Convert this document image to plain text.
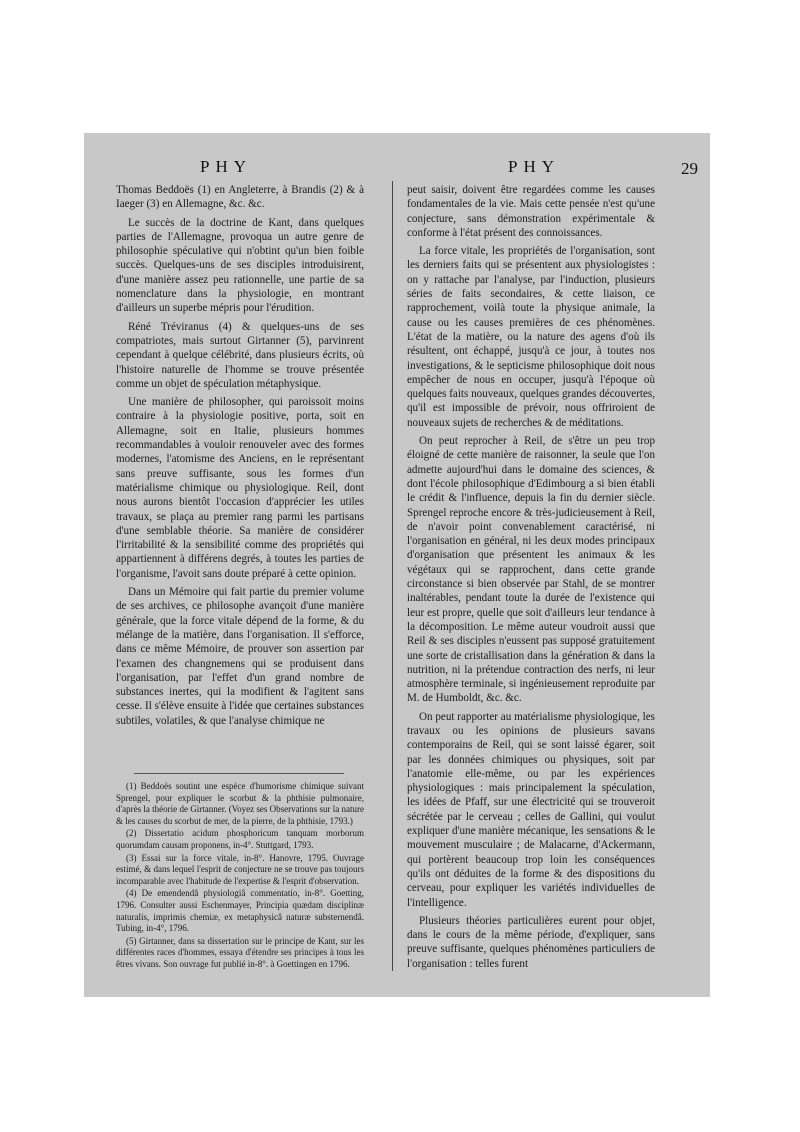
PHY	PHY	29

Thomas Beddoës (1) en Angleterre, à Brandis (2) & à Iaeger (3) en Allemagne, &c. &c.

Le succès de la doctrine de Kant, dans quelques parties de l'Allemagne, provoqua un autre genre de philosophie spéculative qui n'obtint qu'un bien foible succès. Quelques-uns de ses disciples introduisirent, d'une manière assez peu rationnelle, une partie de sa nomenclature dans la physiologie, en montrant d'ailleurs un superbe mépris pour l'érudition.

Réné Tréviranus (4) & quelques-uns de ses compatriotes, mais surtout Girtanner (5), parvinrent cependant à quelque célébrité, dans plusieurs écrits, où l'histoire naturelle de l'homme se trouve présentée comme un objet de spéculation métaphysique.

Une manière de philosopher, qui paroissoit moins contraire à la physiologie positive, porta, soit en Allemagne, soit en Italie, plusieurs hommes recommandables à vouloir renouveler avec des formes modernes, l'atomisme des Anciens, en le représentant sans preuve suffisante, sous les formes d'un matérialisme chimique ou physiologique. Reil, dont nous aurons bientôt l'occasion d'apprécier les utiles travaux, se plaça au premier rang parmi les partisans d'une semblable théorie. Sa manière de considérer l'irritabilité & la sensibilité comme des propriétés qui appartiennent à différens degrés, à toutes les parties de l'organisme, l'avoit sans doute préparé à cette opinion.

Dans un Mémoire qui fait partie du premier volume de ses archives, ce philosophe avançoit d'une manière générale, que la force vitale dépend de la forme, & du mélange de la matière, dans l'organisation. Il s'efforce, dans ce même Mémoire, de prouver son assertion par l'examen des changnemens qui se produisent dans l'organisation, par l'effet d'un grand nombre de substances inertes, qui la modifient & l'agitent sans cesse. Il s'élève ensuite à l'idée que certaines substances subtiles, volatiles, & que l'analyse chimique ne

(1) Beddoës soutint une espèce d'humorisme chimique suivant Sprengel, pour expliquer le scorbut & la phthisie pulmonaire, d'après la théorie de Girtanner. (Voyez ses Observations sur la nature & les causes du scorbut de mer, de la pierre, de la phthisie, 1793.)

(2) Dissertatio acidum phosphoricum tanquam morborum quorumdam causam proponens, in-4°. Stuttgard, 1793.

(3) Essai sur la force vitale, in-8°. Hanovre, 1795. Ouvrage estimé, & dans lequel l'esprit de conjecture ne se trouve pas toujours incomparable avec l'habitude de l'expertise & l'esprit d'observation.

(4) De emendendâ physiologiâ commentatio, in-8°. Goetting, 1796. Consulter aussi Eschenmayer, Principia quædam disciplinæ naturalis, imprimis chemiæ, ex metaphysicâ naturæ substernendâ. Tubing, in-4°, 1796.

(5) Girtanner, dans sa dissertation sur le principe de Kant, sur les différentes races d'hommes, essaya d'étendre ses principes à tous les êtres vivans. Son ouvrage fut publié in-8°. à Goettingen en 1796.

peut saisir, doivent être regardées comme les causes fondamentales de la vie. Mais cette pensée n'est qu'une conjecture, sans démonstration expérimentale & conforme à l'état présent des connoissances.

La force vitale, les propriétés de l'organisation, sont les derniers faits qui se présentent aux physiologistes : on y rattache par l'analyse, par l'induction, plusieurs séries de faits secondaires, & cette liaison, ce rapprochement, voilà toute la physique animale, la cause ou les causes premières de ces phénomènes. L'état de la matière, ou la nature des agens d'où ils résultent, ont échappé, jusqu'à ce jour, à toutes nos investigations, & le septicisme philosophique doit nous empêcher de nous en occuper, jusqu'à l'époque où quelques faits nouveaux, quelques grandes découvertes, qu'il est impossible de prévoir, nous offriroient de nouveaux sujets de recherches & de méditations.

On peut reprocher à Reil, de s'être un peu trop éloigné de cette manière de raisonner, la seule que l'on admette aujourd'hui dans le domaine des sciences, & dont l'école philosophique d'Edimbourg a si bien établi le crédit & l'influence, depuis la fin du dernier siècle. Sprengel reproche encore & très-judicieusement à Reil, de n'avoir point convenablement caractérisé, ni l'organisation en général, ni les deux modes principaux d'organisation que présentent les animaux & les végétaux qui se rapprochent, dans cette grande circonstance si bien observée par Stahl, de se montrer inaltérables, pendant toute la durée de l'existence qui leur est propre, quelle que soit d'ailleurs leur tendance à la décomposition. Le même auteur voudroit aussi que Reil & ses disciples n'eussent pas supposé gratuitement une sorte de cristallisation dans la génération & dans la nutrition, ni la prétendue contraction des nerfs, ni leur atmosphère terminale, si ingénieusement reproduite par M. de Humboldt, &c. &c.

On peut rapporter au matérialisme physiologique, les travaux ou les opinions de plusieurs savans contemporains de Reil, qui se sont laissé égarer, soit par les données chimiques ou physiques, soit par l'anatomie elle-même, ou par les expériences physiologiques : mais principalement la spéculation, les idées de Pfaff, sur une électricité qui se trouveroit sécrétée par le cerveau ; celles de Gallini, qui voulut expliquer d'une manière mécanique, les sensations & le mouvement musculaire ; de Malacarne, d'Ackermann, qui portèrent beaucoup trop loin les conséquences qu'ils ont déduites de la forme & des dispositions du cerveau, pour expliquer les variétés individuelles de l'intelligence.

Plusieurs théories particulières eurent pour objet, dans le cours de la même période, d'expliquer, sans preuve suffisante, quelques phénomènes particuliers de l'organisation : telles furent
